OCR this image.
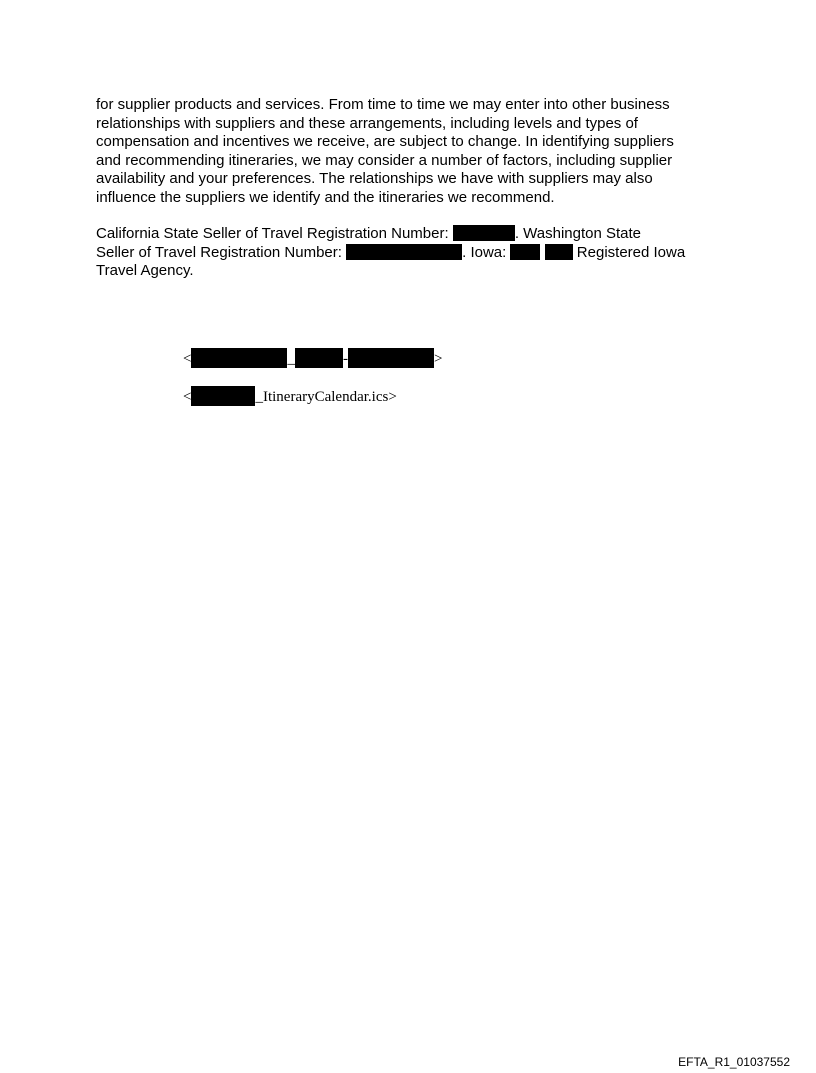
for supplier products and services. From time to time we may enter into other business
relationships with suppliers and these arrangements, including levels and types of
compensation and incentives we receive, are subject to change. In identifying suppliers
and recommending itineraries, we may consider a number of factors, including supplier
availability and your preferences. The relationships we have with suppliers may also
influence the suppliers we identify and the itineraries we recommend.
California State Seller of Travel Registration Number:	. Washington State
Seller of Travel Registration Number:	. Iowa:	Registered Iowa
Travel Agency.
<	_	-	>
<	_ItineraryCalendar.ics>
EFTA_R1_01037552
